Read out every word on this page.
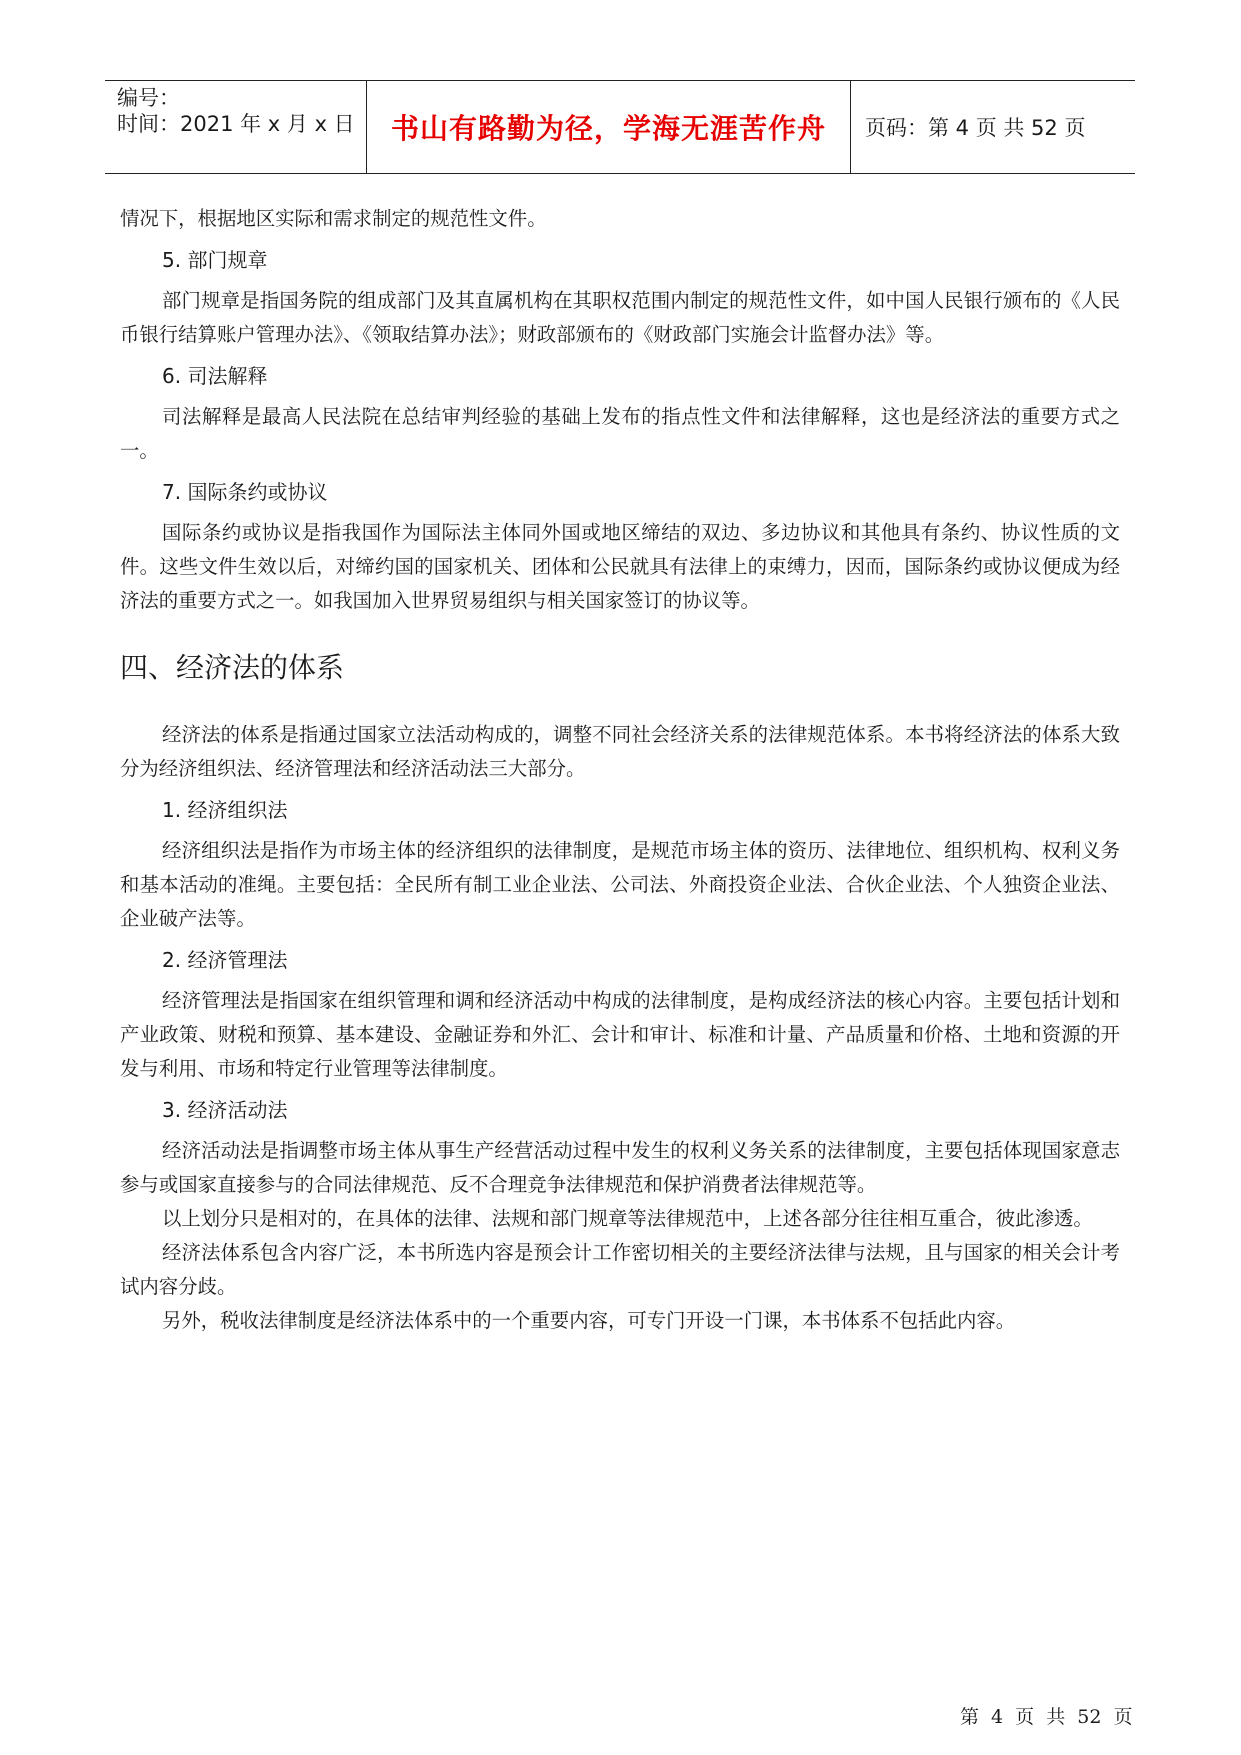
编号：
时间：2021 年 x 月 x 日	书山有路勤为径，学海无涯苦作舟	页码：第 4 页 共 52 页

情况下，根据地区实际和需求制定的规范性文件。

5. 部门规章

部门规章是指国务院的组成部门及其直属机构在其职权范围内制定的规范性文件，如中国人民银行颁布的《人民币银行结算账户管理办法》、《领取结算办法》；财政部颁布的《财政部门实施会计监督办法》等。

6. 司法解释

司法解释是最高人民法院在总结审判经验的基础上发布的指点性文件和法律解释，这也是经济法的重要方式之一。

7. 国际条约或协议

国际条约或协议是指我国作为国际法主体同外国或地区缔结的双边、多边协议和其他具有条约、协议性质的文件。这些文件生效以后，对缔约国的国家机关、团体和公民就具有法律上的束缚力，因而，国际条约或协议便成为经济法的重要方式之一。如我国加入世界贸易组织与相关国家签订的协议等。

四、经济法的体系

经济法的体系是指通过国家立法活动构成的，调整不同社会经济关系的法律规范体系。本书将经济法的体系大致分为经济组织法、经济管理法和经济活动法三大部分。

1. 经济组织法

经济组织法是指作为市场主体的经济组织的法律制度，是规范市场主体的资历、法律地位、组织机构、权利义务和基本活动的准绳。主要包括：全民所有制工业企业法、公司法、外商投资企业法、合伙企业法、个人独资企业法、企业破产法等。

2. 经济管理法

经济管理法是指国家在组织管理和调和经济活动中构成的法律制度，是构成经济法的核心内容。主要包括计划和产业政策、财税和预算、基本建设、金融证券和外汇、会计和审计、标准和计量、产品质量和价格、土地和资源的开发与利用、市场和特定行业管理等法律制度。

3. 经济活动法

经济活动法是指调整市场主体从事生产经营活动过程中发生的权利义务关系的法律制度，主要包括体现国家意志参与或国家直接参与的合同法律规范、反不合理竞争法律规范和保护消费者法律规范等。

以上划分只是相对的，在具体的法律、法规和部门规章等法律规范中，上述各部分往往相互重合，彼此渗透。

经济法体系包含内容广泛，本书所选内容是预会计工作密切相关的主要经济法律与法规，且与国家的相关会计考试内容分歧。

另外，税收法律制度是经济法体系中的一个重要内容，可专门开设一门课，本书体系不包括此内容。

第 4 页 共 52 页
